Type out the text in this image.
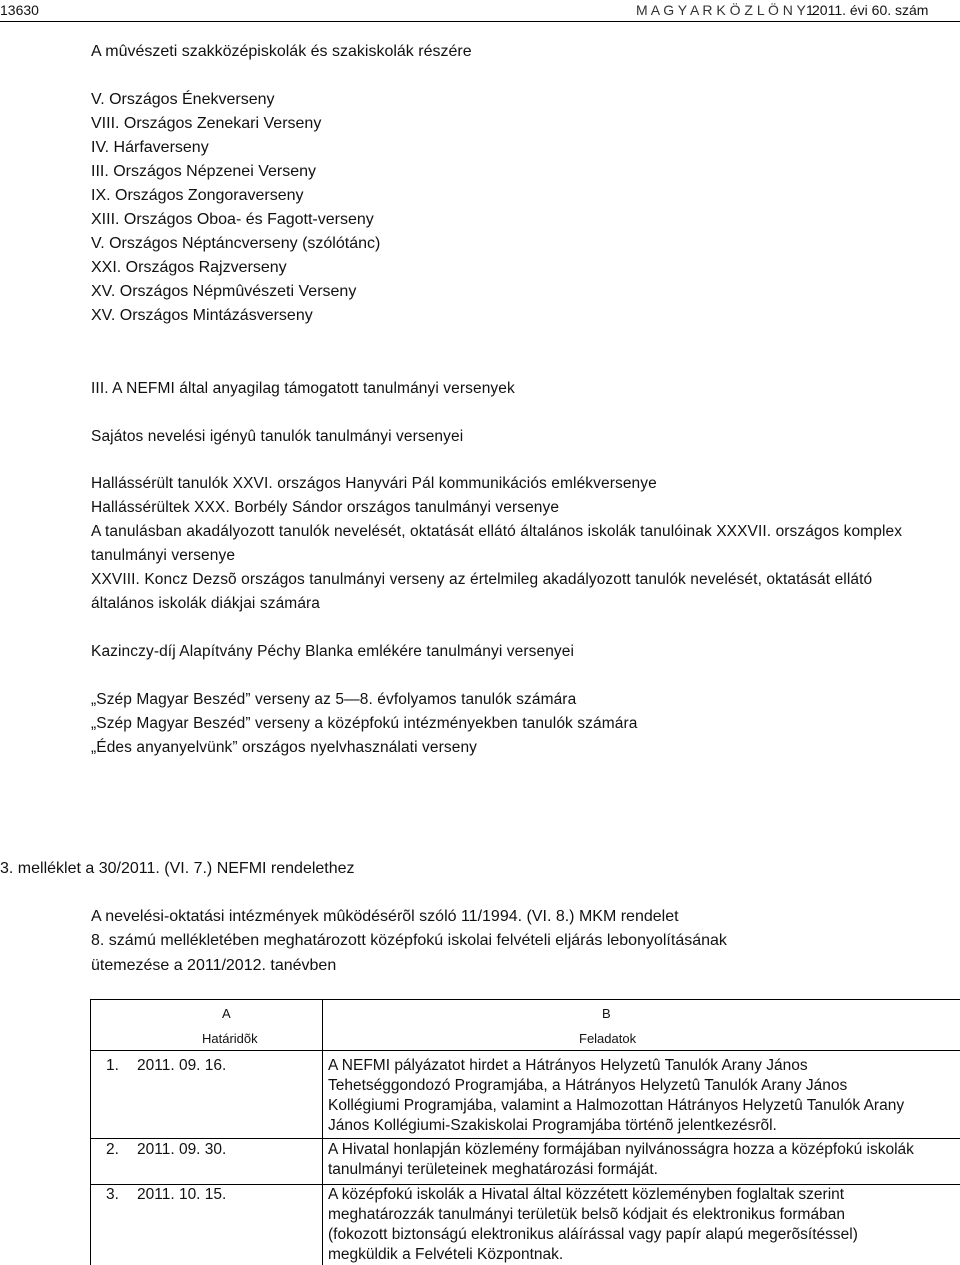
13630	M A G Y A R K Ö Z L Ö N Y 1
2011. évi 60. szám
A mûvészeti szakközépiskolák és szakiskolák részére
V. Országos Énekverseny
VIII. Országos Zenekari Verseny
IV. Hárfaverseny
III. Országos Népzenei Verseny
IX. Országos Zongoraverseny
XIII. Országos Oboa- és Fagott-verseny
V. Országos Néptáncverseny (szólótánc)
XXI. Országos Rajzverseny
XV. Országos Népmûvészeti Verseny
XV. Országos Mintázásverseny
III. A NEFMI által anyagilag támogatott tanulmányi versenyek
Sajátos nevelési igényû tanulók tanulmányi versenyei
Hallássérült tanulók XXVI. országos Hanyvári Pál kommunikációs emlékversenye
Hallássérültek XXX. Borbély Sándor országos tanulmányi versenye
A tanulásban akadályozott tanulók nevelését, oktatását ellátó általános iskolák tanulóinak XXXVII. országos komplex
tanulmányi versenye
XXVIII. Koncz Dezsõ országos tanulmányi verseny az értelmileg akadályozott tanulók nevelését, oktatását ellátó
általános iskolák diákjai számára
Kazinczy-díj Alapítvány Péchy Blanka emlékére tanulmányi versenyei
„Szép Magyar Beszéd” verseny az 5—8. évfolyamos tanulók számára
„Szép Magyar Beszéd” verseny a középfokú intézményekben tanulók számára
„Édes anyanyelvünk” országos nyelvhasználati verseny
3. melléklet a 30/2011. (VI. 7.) NEFMI rendelethez
A nevelési-oktatási intézmények mûködésérõl szóló 11/1994. (VI. 8.) MKM rendelet
8. számú mellékletében meghatározott középfokú iskolai felvételi eljárás lebonyolításának
ütemezése a 2011/2012. tanévben
A	B
Határidõk	Feladatok
1. 2011. 09. 16.	A NEFMI pályázatot hirdet a Hátrányos Helyzetû Tanulók Arany János
Tehetséggondozó Programjába, a Hátrányos Helyzetû Tanulók Arany János
Kollégiumi Programjába, valamint a Halmozottan Hátrányos Helyzetû Tanulók Arany
János Kollégiumi-Szakiskolai Programjába történõ jelentkezésrõl.
2. 2011. 09. 30.	A Hivatal honlapján közlemény formájában nyilvánosságra hozza a középfokú iskolák
tanulmányi területeinek meghatározási formáját.
3. 2011. 10. 15.	A középfokú iskolák a Hivatal által közzétett közleményben foglaltak szerint
meghatározzák tanulmányi területük belsõ kódjait és elektronikus formában
(fokozott biztonságú elektronikus aláírással vagy papír alapú megerõsítéssel)
megküldik a Felvételi Központnak.
